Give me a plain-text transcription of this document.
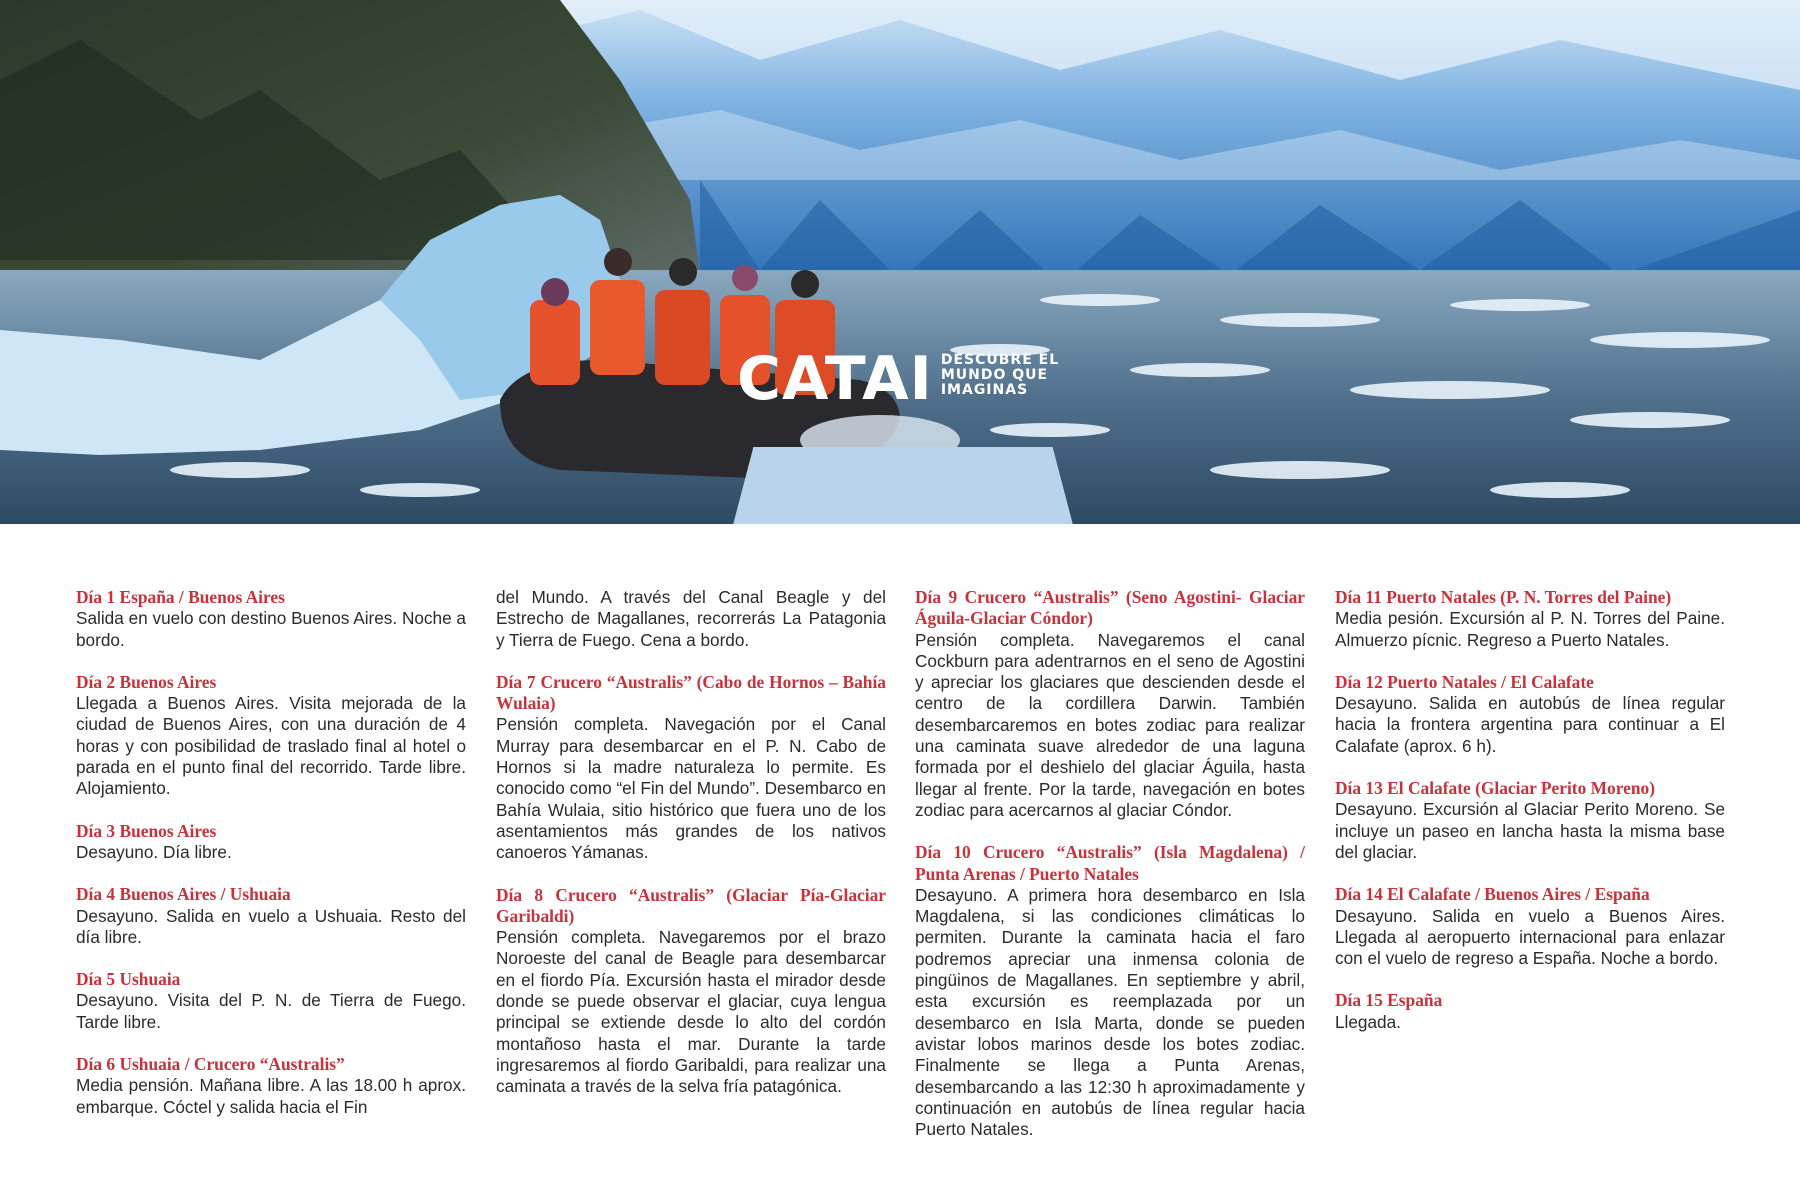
CATAI DESCUBRE EL
MUNDO QUE
IMAGINAS
Día 1 España / Buenos Aires

Salida en vuelo con destino Buenos Aires. Noche a bordo.

Día 2 Buenos Aires

Llegada a Buenos Aires. Visita mejorada de la ciudad de Buenos Aires, con una duración de 4 horas y con posibilidad de traslado final al hotel o parada en el punto final del recorrido. Tarde libre. Alojamiento.

Día 3 Buenos Aires

Desayuno. Día libre.

Día 4 Buenos Aires / Ushuaia

Desayuno. Salida en vuelo a Ushuaia. Resto del día libre.

Día 5 Ushuaia

Desayuno. Visita del P. N. de Tierra de Fuego. Tarde libre.

Día 6 Ushuaia / Crucero “Australis”

Media pensión. Mañana libre. A las 18.00 h aprox. embarque. Cóctel y salida hacia el Fin

del Mundo. A través del Canal Beagle y del Estrecho de Magallanes, recorrerás La Patagonia y Tierra de Fuego. Cena a bordo.

Día 7 Crucero “Australis” (Cabo de Hornos – Bahía Wulaia)

Pensión completa. Navegación por el Canal Murray para desembarcar en el P. N. Cabo de Hornos si la madre naturaleza lo permite. Es conocido como “el Fin del Mundo”. Desembarco en Bahía Wulaia, sitio histórico que fuera uno de los asentamientos más grandes de los nativos canoeros Yámanas.

Día 8 Crucero “Australis” (Glaciar Pía-Glaciar Garibaldi)

Pensión completa. Navegaremos por el brazo Noroeste del canal de Beagle para desembarcar en el fiordo Pía. Excursión hasta el mirador desde donde se puede observar el glaciar, cuya lengua principal se extiende desde lo alto del cordón montañoso hasta el mar. Durante la tarde ingresaremos al fiordo Garibaldi, para realizar una caminata a través de la selva fría patagónica.

Día 9 Crucero “Australis” (Seno Agostini- Glaciar Águila-Glaciar Cóndor)

Pensión completa. Navegaremos el canal Cockburn para adentrarnos en el seno de Agostini y apreciar los glaciares que descienden desde el centro de la cordillera Darwin. También desembarcaremos en botes zodiac para realizar una caminata suave alrededor de una laguna formada por el deshielo del glaciar Águila, hasta llegar al frente. Por la tarde, navegación en botes zodiac para acercarnos al glaciar Cóndor.

Día 10 Crucero “Australis” (Isla Magdalena) / Punta Arenas / Puerto Natales

Desayuno. A primera hora desembarco en Isla Magdalena, si las condiciones climáticas lo permiten. Durante la caminata hacia el faro podremos apreciar una inmensa colonia de pingüinos de Magallanes. En septiembre y abril, esta excursión es reemplazada por un desembarco en Isla Marta, donde se pueden avistar lobos marinos desde los botes zodiac. Finalmente se llega a Punta Arenas, desembarcando a las 12:30 h aproximadamente y continuación en autobús de línea regular hacia Puerto Natales.

Día 11 Puerto Natales (P. N. Torres del Paine)

Media pesión. Excursión al P. N. Torres del Paine. Almuerzo pícnic. Regreso a Puerto Natales.

Día 12 Puerto Natales / El Calafate

Desayuno. Salida en autobús de línea regular hacia la frontera argentina para continuar a El Calafate (aprox. 6 h).

Día 13 El Calafate (Glaciar Perito Moreno)

Desayuno. Excursión al Glaciar Perito Moreno. Se incluye un paseo en lancha hasta la misma base del glaciar.

Día 14 El Calafate / Buenos Aires / España

Desayuno. Salida en vuelo a Buenos Aires. Llegada al aeropuerto internacional para enlazar con el vuelo de regreso a España. Noche a bordo.

Día 15 España

Llegada.
